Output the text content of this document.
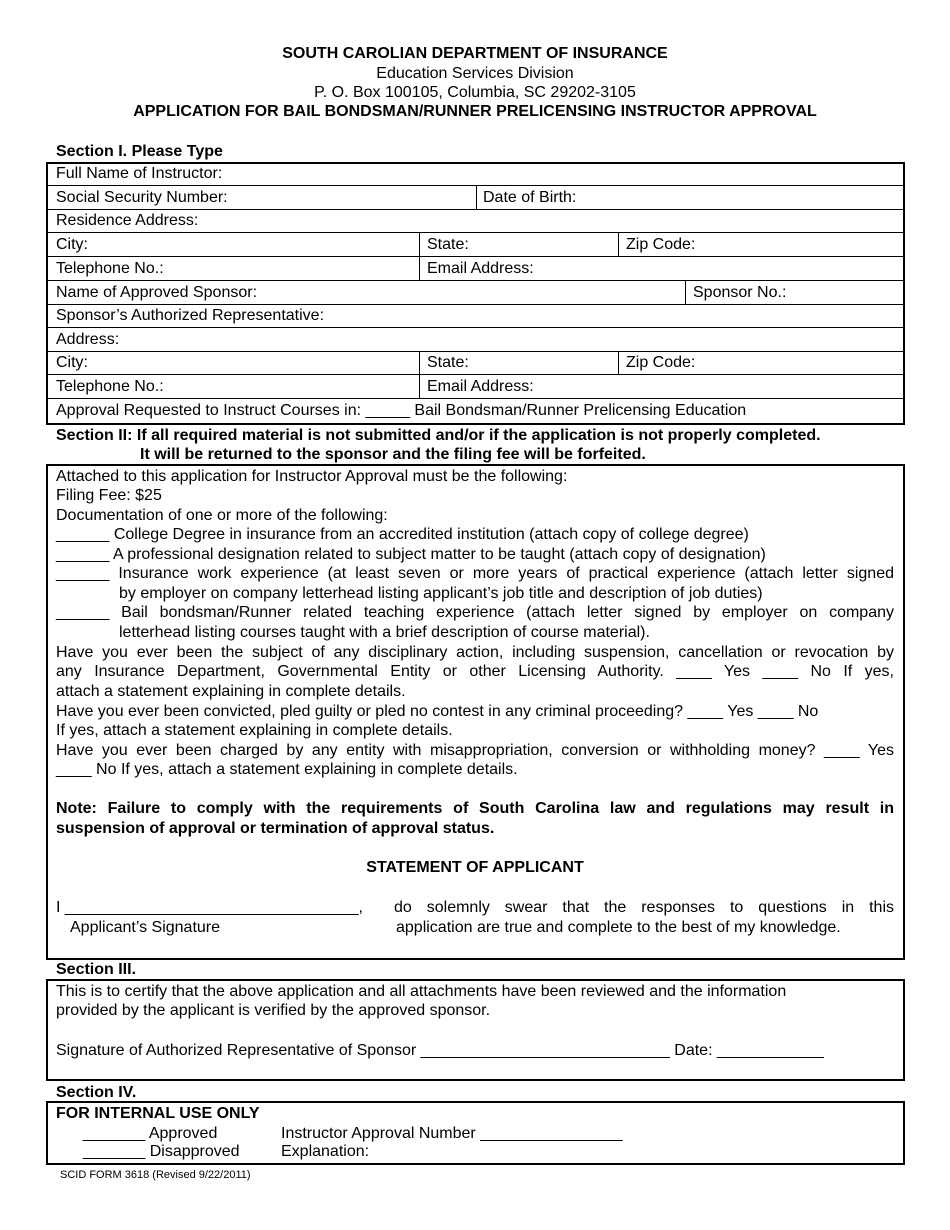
SOUTH CAROLIAN DEPARTMENT OF INSURANCE
Education Services Division
P. O. Box 100105, Columbia, SC 29202-3105
APPLICATION FOR BAIL BONDSMAN/RUNNER PRELICENSING INSTRUCTOR APPROVAL
Section I. Please Type
Full Name of Instructor:
Social Security Number:	Date of Birth:
Residence Address:
City:	State:	Zip Code:
Telephone No.:	Email Address:
Name of Approved Sponsor:	Sponsor No.:
Sponsor’s Authorized Representative:
Address:
City:	State:	Zip Code:
Telephone No.:	Email Address:
Approval Requested to Instruct Courses in: _____ Bail Bondsman/Runner Prelicensing Education
Section II: If all required material is not submitted and/or if the application is not properly completed.
It will be returned to the sponsor and the filing fee will be forfeited.
Attached to this application for Instructor Approval must be the following:
Filing Fee: $25
Documentation of one or more of the following:
______ College Degree in insurance from an accredited institution (attach copy of college degree)
______ A professional designation related to subject matter to be taught (attach copy of designation)
______ Insurance work experience (at least seven or more years of practical experience (attach letter signed
by employer on company letterhead listing applicant’s job title and description of job duties)
______ Bail bondsman/Runner related teaching experience (attach letter signed by employer on company
letterhead listing courses taught with a brief description of course material).
Have you ever been the subject of any disciplinary action, including suspension, cancellation or revocation by
any Insurance Department, Governmental Entity or other Licensing Authority. ____ Yes ____ No If yes,
attach a statement explaining in complete details.
Have you ever been convicted, pled guilty or pled no contest in any criminal proceeding? ____ Yes ____ No
If yes, attach a statement explaining in complete details.
Have you ever been charged by any entity with misappropriation, conversion or withholding money? ____ Yes
____ No If yes, attach a statement explaining in complete details.
Note: Failure to comply with the requirements of South Carolina law and regulations may result in
suspension of approval or termination of approval status.
STATEMENT OF APPLICANT
I _________________________________, do solemnly swear that the responses to questions in this
Applicant’s Signature	application are true and complete to the best of my knowledge.
Section III.
This is to certify that the above application and all attachments have been reviewed and the information
provided by the applicant is verified by the approved sponsor.
Signature of Authorized Representative of Sponsor ____________________________ Date: ____________
Section IV.
FOR INTERNAL USE ONLY
_______ Approved	Instructor Approval Number ________________
_______ Disapproved	Explanation:
SCID FORM 3618 (Revised 9/22/2011)
